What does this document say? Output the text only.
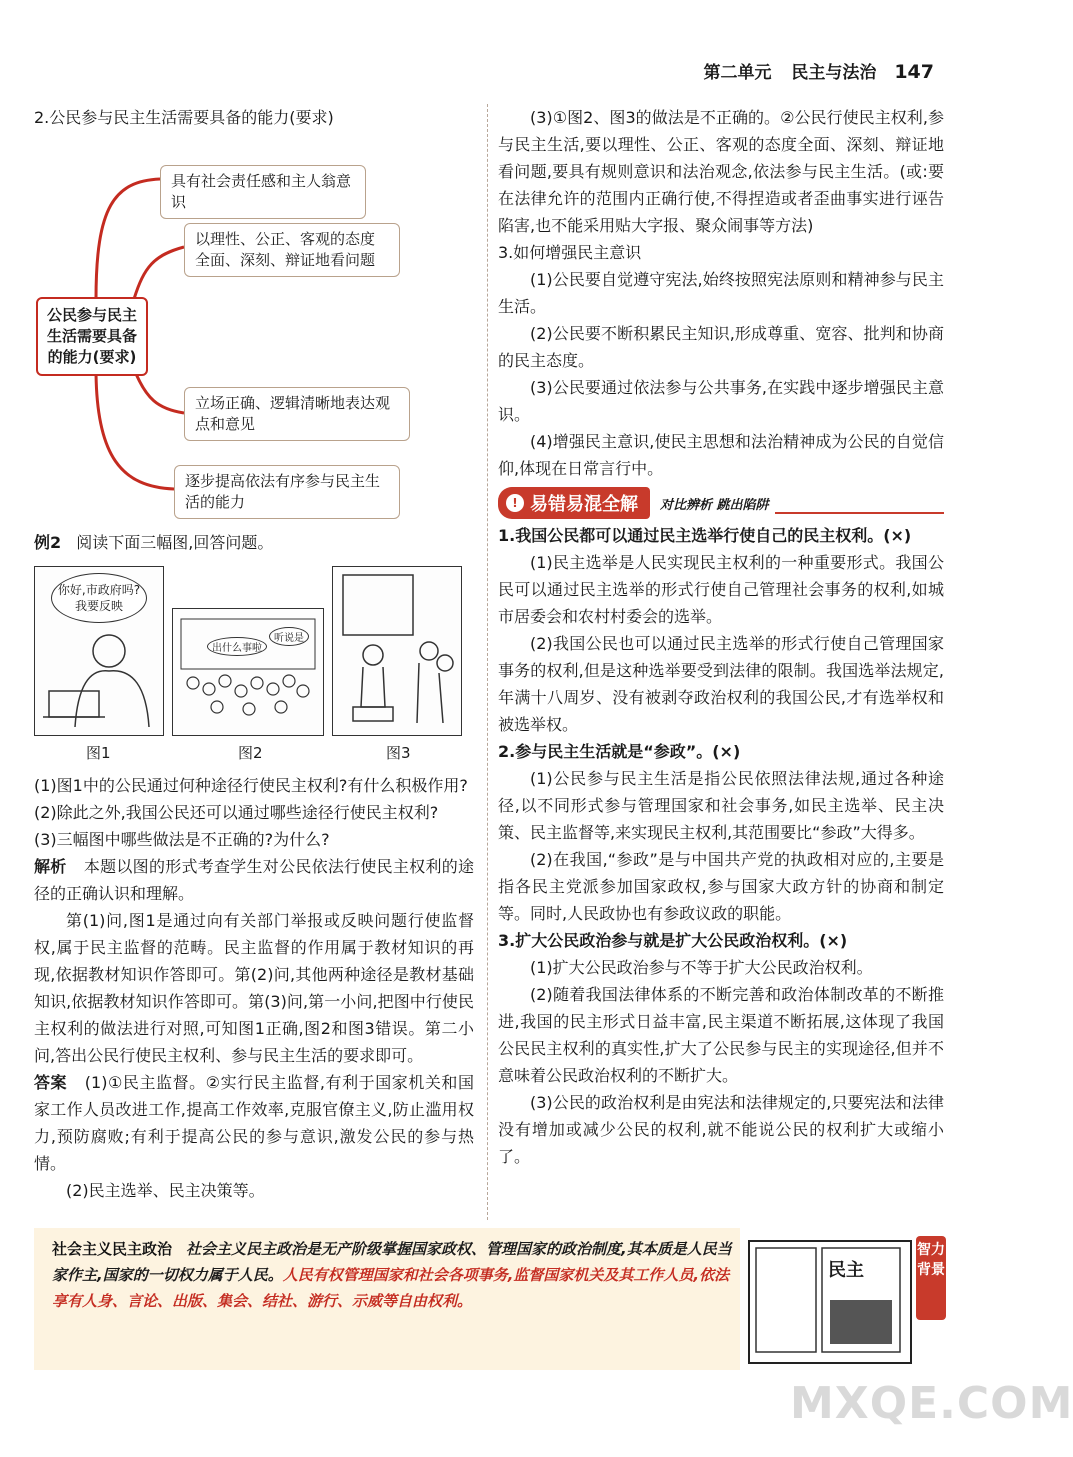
第二单元 民主与法治 147

2.公民参与民主生活需要具备的能力(要求)

公民参与民主生活需要具备的能力(要求)
具有社会责任感和主人翁意识
以理性、公正、客观的态度全面、深刻、辩证地看问题
立场正确、逻辑清晰地表达观点和意见
逐步提高依法有序参与民主生活的能力

例2 阅读下面三幅图,回答问题。

你好,市政府吗?我要反映
出什么事啦
听说是
图1	图2	图3

(1)图1中的公民通过何种途径行使民主权利?有什么积极作用?

(2)除此之外,我国公民还可以通过哪些途径行使民主权利?

(3)三幅图中哪些做法是不正确的?为什么?

解析 本题以图的形式考查学生对公民依法行使民主权利的途径的正确认识和理解。

第(1)问,图1是通过向有关部门举报或反映问题行使监督权,属于民主监督的范畴。民主监督的作用属于教材知识的再现,依据教材知识作答即可。第(2)问,其他两种途径是教材基础知识,依据教材知识作答即可。第(3)问,第一小问,把图中行使民主权利的做法进行对照,可知图1正确,图2和图3错误。第二小问,答出公民行使民主权利、参与民主生活的要求即可。

答案 (1)①民主监督。②实行民主监督,有利于国家机关和国家工作人员改进工作,提高工作效率,克服官僚主义,防止滥用权力,预防腐败;有利于提高公民的参与意识,激发公民的参与热情。

(2)民主选举、民主决策等。

(3)①图2、图3的做法是不正确的。②公民行使民主权利,参与民主生活,要以理性、公正、客观的态度全面、深刻、辩证地看问题,要具有规则意识和法治观念,依法参与民主生活。(或:要在法律允许的范围内正确行使,不得捏造或者歪曲事实进行诬告陷害,也不能采用贴大字报、聚众闹事等方法)

3.如何增强民主意识

(1)公民要自觉遵守宪法,始终按照宪法原则和精神参与民主生活。

(2)公民要不断积累民主知识,形成尊重、宽容、批判和协商的民主态度。

(3)公民要通过依法参与公共事务,在实践中逐步增强民主意识。

(4)增强民主意识,使民主思想和法治精神成为公民的自觉信仰,体现在日常言行中。

! 易错易混全解 对比辨析 跳出陷阱

1.我国公民都可以通过民主选举行使自己的民主权利。(×)

(1)民主选举是人民实现民主权利的一种重要形式。我国公民可以通过民主选举的形式行使自己管理社会事务的权利,如城市居委会和农村村委会的选举。

(2)我国公民也可以通过民主选举的形式行使自己管理国家事务的权利,但是这种选举要受到法律的限制。我国选举法规定,年满十八周岁、没有被剥夺政治权利的我国公民,才有选举权和被选举权。

2.参与民主生活就是“参政”。(×)

(1)公民参与民主生活是指公民依照法律法规,通过各种途径,以不同形式参与管理国家和社会事务,如民主选举、民主决策、民主监督等,来实现民主权利,其范围要比“参政”大得多。

(2)在我国,“参政”是与中国共产党的执政相对应的,主要是指各民主党派参加国家政权,参与国家大政方针的协商和制定等。同时,人民政协也有参政议政的职能。

3.扩大公民政治参与就是扩大公民政治权利。(×)

(1)扩大公民政治参与不等于扩大公民政治权利。

(2)随着我国法律体系的不断完善和政治体制改革的不断推进,我国的民主形式日益丰富,民主渠道不断拓展,这体现了我国公民民主权利的真实性,扩大了公民参与民主的实现途径,但并不意味着公民政治权利的不断扩大。

(3)公民的政治权利是由宪法和法律规定的,只要宪法和法律没有增加或减少公民的权利,就不能说公民的权利扩大或缩小了。

社会主义民主政治 社会主义民主政治是无产阶级掌握国家政权、管理国家的政治制度,其本质是人民当家作主,国家的一切权力属于人民。人民有权管理国家和社会各项事务,监督国家机关及其工作人员,依法享有人身、言论、出版、集会、结社、游行、示威等自由权利。
民主
智力背景
MXQE.COM
